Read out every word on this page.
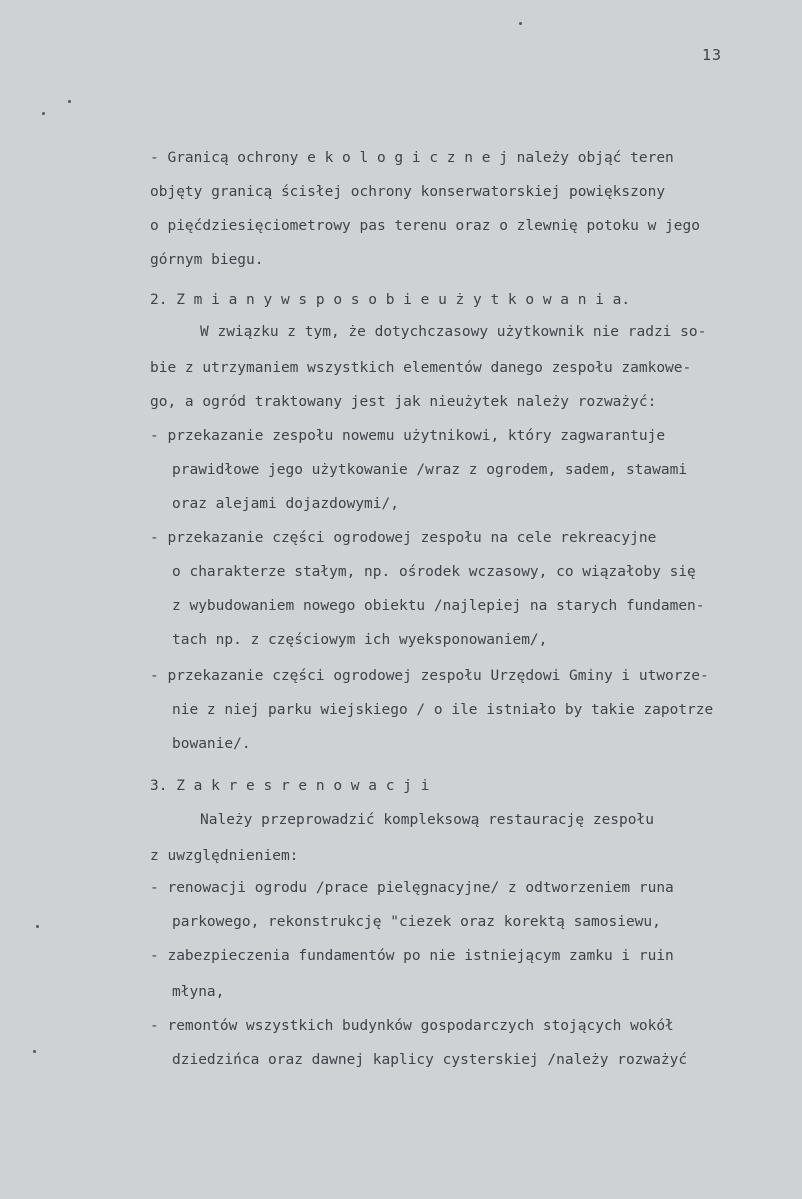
13
- Granicą ochrony e k o l o g i c z n e j należy objąć teren
objęty granicą ścisłej ochrony konserwatorskiej powiększony
o pięćdziesięciometrowy pas terenu oraz o zlewnię potoku w jego
górnym biegu.
2. Z m i a n y w s p o s o b i e u ż y t k o w a n i a.
W związku z tym, że dotychczasowy użytkownik nie radzi so-
bie z utrzymaniem wszystkich elementów danego zespołu zamkowe-
go, a ogród traktowany jest jak nieużytek należy rozważyć:
- przekazanie zespołu nowemu użytnikowi, który zagwarantuje
prawidłowe jego użytkowanie /wraz z ogrodem, sadem, stawami
oraz alejami dojazdowymi/,
- przekazanie części ogrodowej zespołu na cele rekreacyjne
o charakterze stałym, np. ośrodek wczasowy, co wiązałoby się
z wybudowaniem nowego obiektu /najlepiej na starych fundamen-
tach np. z częściowym ich wyeksponowaniem/,
- przekazanie części ogrodowej zespołu Urzędowi Gminy i utworze-
nie z niej parku wiejskiego / o ile istniało by takie zapotrze
bowanie/.
3. Z a k r e s r e n o w a c j i
Należy przeprowadzić kompleksową restaurację zespołu
z uwzględnieniem:
- renowacji ogrodu /prace pielęgnacyjne/ z odtworzeniem runa
parkowego, rekonstrukcję "ciezek oraz korektą samosiewu,
- zabezpieczenia fundamentów po nie istniejącym zamku i ruin
młyna,
- remontów wszystkich budynków gospodarczych stojących wokół
dziedzińca oraz dawnej kaplicy cysterskiej /należy rozważyć
